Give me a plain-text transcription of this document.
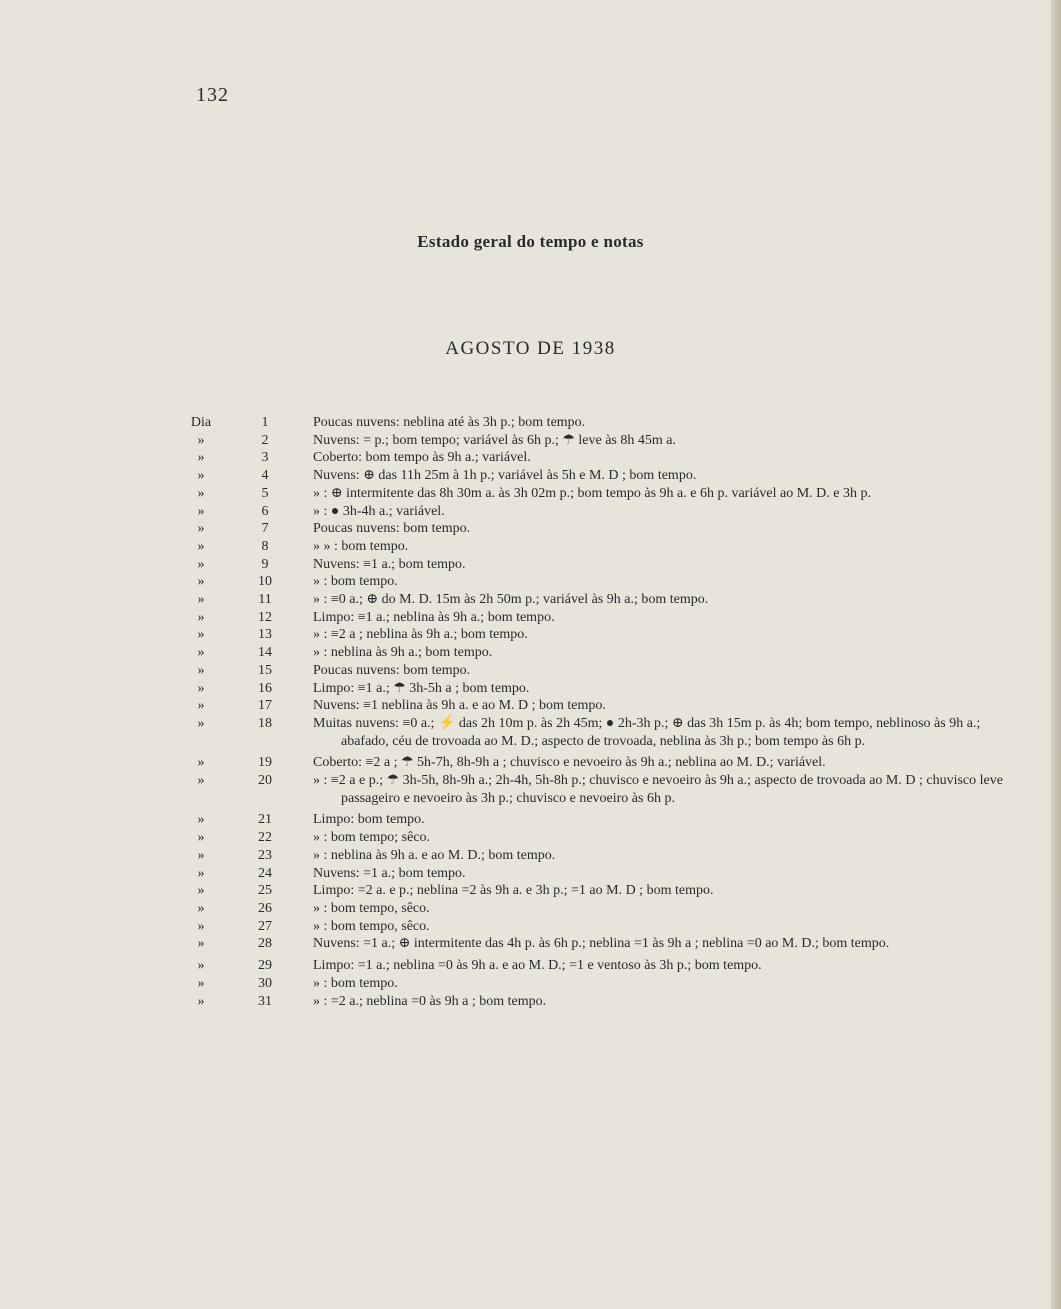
132
Estado geral do tempo e notas
AGOSTO DE 1938
Dia	1	Poucas nuvens: neblina até às 3h p.; bom tempo.
»	2	Nuvens: = p.; bom tempo; variável às 6h p.; ☂ leve às 8h 45m a.
»	3	Coberto: bom tempo às 9h a.; variável.
»	4	Nuvens: ⊕ das 11h 25m à 1h p.; variável às 5h e M. D ; bom tempo.
»	5	» : ⊕ intermitente das 8h 30m a. às 3h 02m p.; bom tempo às 9h a. e 6h p. variável ao M. D. e 3h p.
»	6	» : ● 3h-4h a.; variável.
»	7	Poucas nuvens: bom tempo.
»	8	» » : bom tempo.
»	9	Nuvens: ≡1 a.; bom tempo.
»	10	» : bom tempo.
»	11	» : ≡0 a.; ⊕ do M. D. 15m às 2h 50m p.; variável às 9h a.; bom tempo.
»	12	Limpo: ≡1 a.; neblina às 9h a.; bom tempo.
»	13	» : ≡2 a ; neblina às 9h a.; bom tempo.
»	14	» : neblina às 9h a.; bom tempo.
»	15	Poucas nuvens: bom tempo.
»	16	Limpo: ≡1 a.; ☂ 3h-5h a ; bom tempo.
»	17	Nuvens: ≡1 neblina às 9h a. e ao M. D ; bom tempo.
»	18	Muitas nuvens: ≡0 a.; ⚡ das 2h 10m p. às 2h 45m; ● 2h-3h p.; ⊕ das 3h 15m p. às 4h; bom tempo, neblinoso às 9h a.; abafado, céu de trovoada ao M. D.; aspecto de trovoada, neblina às 3h p.; bom tempo às 6h p.
»	19	Coberto: ≡2 a ; ☂ 5h-7h, 8h-9h a ; chuvisco e nevoeiro às 9h a.; neblina ao M. D.; variável.
»	20	» : ≡2 a e p.; ☂ 3h-5h, 8h-9h a.; 2h-4h, 5h-8h p.; chuvisco e nevoeiro às 9h a.; aspecto de trovoada ao M. D ; chuvisco leve passageiro e nevoeiro às 3h p.; chuvisco e nevoeiro às 6h p.
»	21	Limpo: bom tempo.
»	22	» : bom tempo; sêco.
»	23	» : neblina às 9h a. e ao M. D.; bom tempo.
»	24	Nuvens: =1 a.; bom tempo.
»	25	Limpo: =2 a. e p.; neblina =2 às 9h a. e 3h p.; =1 ao M. D ; bom tempo.
»	26	» : bom tempo, sêco.
»	27	» : bom tempo, sêco.
»	28	Nuvens: =1 a.; ⊕ intermitente das 4h p. às 6h p.; neblina =1 às 9h a ; neblina =0 ao M. D.; bom tempo.
»	29	Limpo: =1 a.; neblina =0 às 9h a. e ao M. D.; =1 e ventoso às 3h p.; bom tempo.
»	30	» : bom tempo.
»	31	» : =2 a.; neblina =0 às 9h a ; bom tempo.
